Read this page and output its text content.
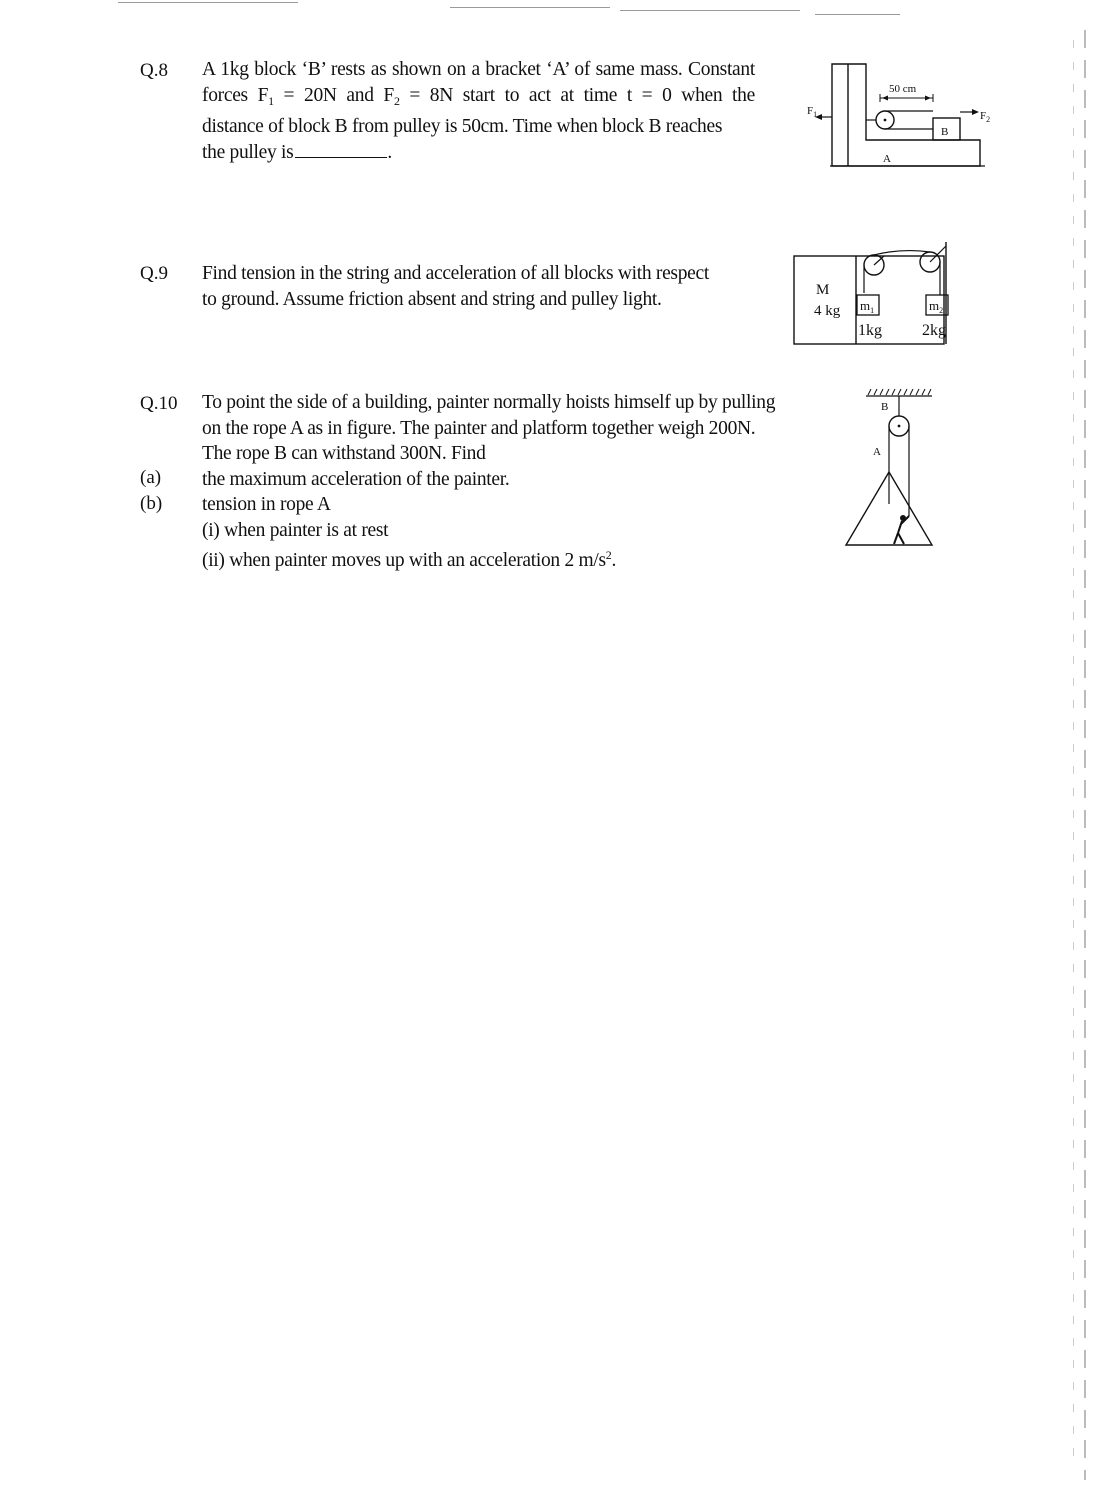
Q.8 A 1kg block ‘B’ rests as shown on a bracket ‘A’ of same mass. Constant

forces $F_1 = 20N$ and $F_2 = 8N$ start to act at time t = 0 when the

distance of block B from pulley is 50cm. Time when block B reaches

the pulley is	.

B
$F_2$
$F_1$
50 cm
A
Q.9 Find tension in the string and acceleration of all blocks with respect

to ground. Assume friction absent and string and pulley light.	M
4 kg $m_1$
1kg
$m_2$
2kg
Q.10 To point the side of a building, painter normally hoists himself up by pulling

on the rope A as in figure. The painter and platform together weigh 200N.

The rope B can withstand 300N. Find

the maximum acceleration of the painter.

tension in rope A

(i) when painter is at rest

(ii) when painter moves up with an acceleration 2 $m/s^2$.

(a)
(b)
B
A
